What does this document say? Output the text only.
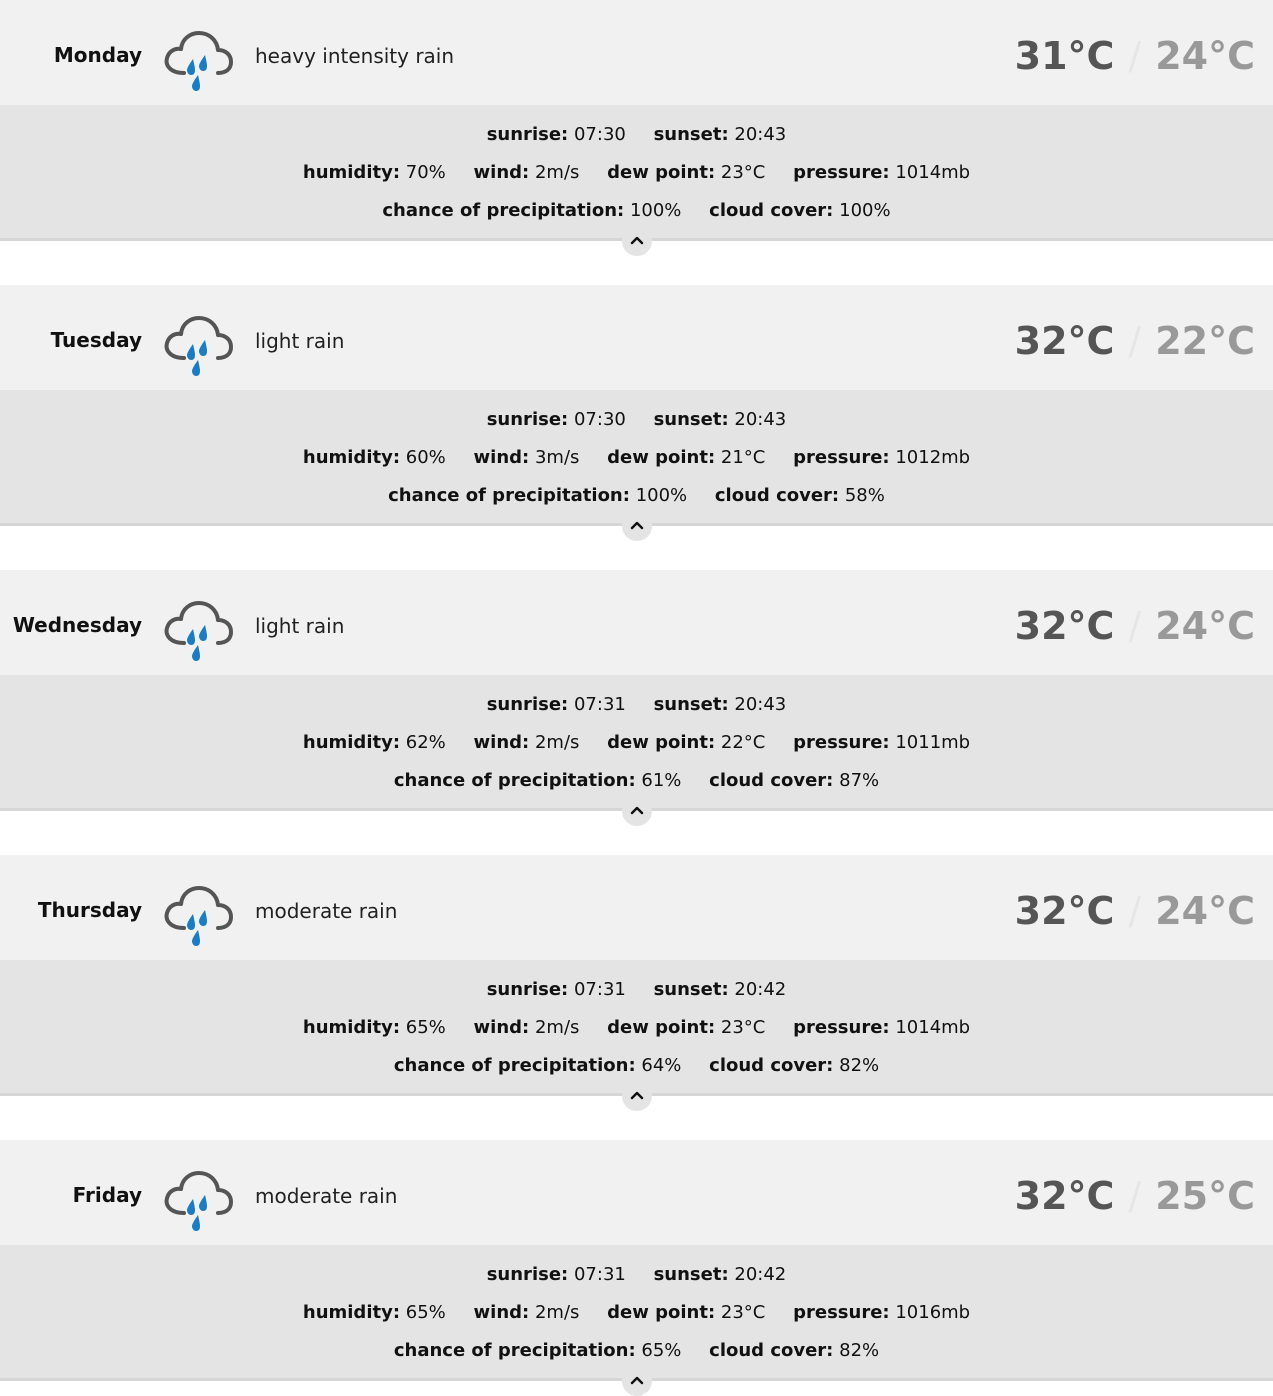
Monday	heavy intensity rain	31°C / 24°C
sunrise: 07:30 sunset: 20:43
humidity: 70% wind: 2m/s dew point: 23°C pressure: 1014mb
chance of precipitation: 100% cloud cover: 100%
Tuesday	light rain	32°C / 22°C
sunrise: 07:30 sunset: 20:43
humidity: 60% wind: 3m/s dew point: 21°C pressure: 1012mb
chance of precipitation: 100% cloud cover: 58%
Wednesday	light rain	32°C / 24°C
sunrise: 07:31 sunset: 20:43
humidity: 62% wind: 2m/s dew point: 22°C pressure: 1011mb
chance of precipitation: 61% cloud cover: 87%
Thursday	moderate rain	32°C / 24°C
sunrise: 07:31 sunset: 20:42
humidity: 65% wind: 2m/s dew point: 23°C pressure: 1014mb
chance of precipitation: 64% cloud cover: 82%
Friday	moderate rain	32°C / 25°C
sunrise: 07:31 sunset: 20:42
humidity: 65% wind: 2m/s dew point: 23°C pressure: 1016mb
chance of precipitation: 65% cloud cover: 82%
